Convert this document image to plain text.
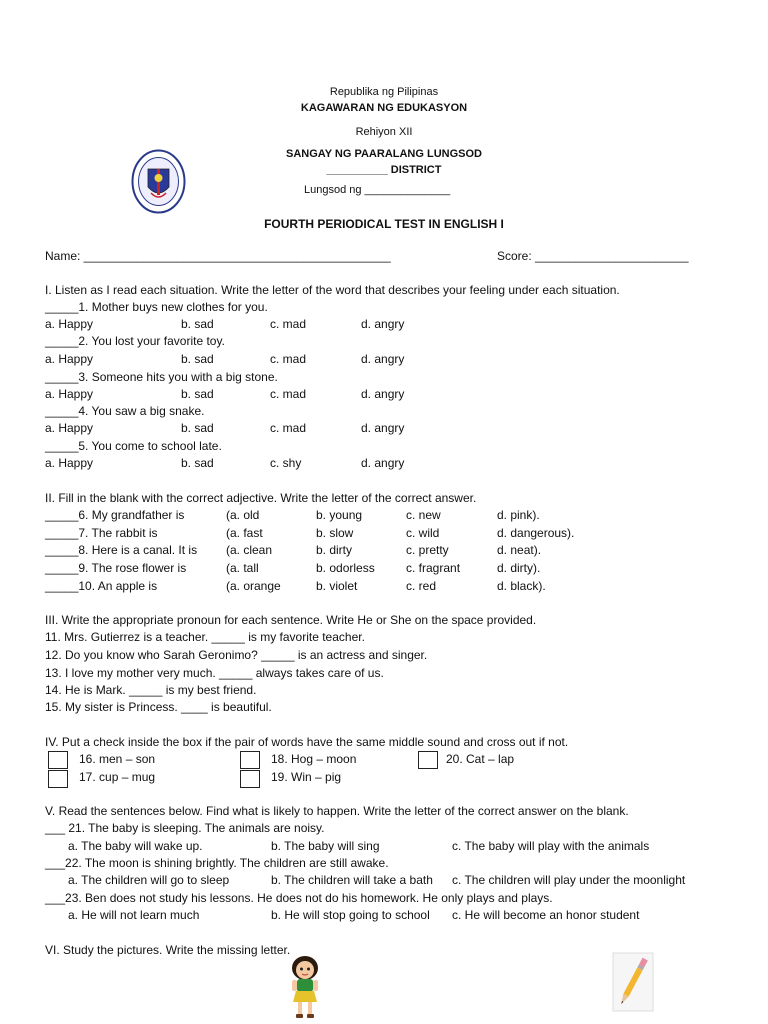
Republika ng Pilipinas
KAGAWARAN NG EDUKASYON
Rehiyon XII
SANGAY NG PAARALANG LUNGSOD
__________ DISTRICT
Lungsod ng ______________
FOURTH PERIODICAL TEST IN ENGLISH I
Name: ______________________________________________	Score: _______________________
I. Listen as I read each situation. Write the letter of the word that describes your feeling under each situation.
_____1. Mother buys new clothes for you.
a. Happy	b. sad	c. mad	d. angry
_____2. You lost your favorite toy.
a. Happy	b. sad	c. mad	d. angry
_____3. Someone hits you with a big stone.
a. Happy	b. sad	c. mad	d. angry
_____4. You saw a big snake.
a. Happy	b. sad	c. mad	d. angry
_____5. You come to school late.
a. Happy	b. sad	c. shy	d. angry
II. Fill in the blank with the correct adjective. Write the letter of the correct answer.
_____6. My grandfather is	(a. old	b. young	c. new	d. pink).
_____7. The rabbit is	(a. fast	b. slow	c. wild	d. dangerous).
_____8. Here is a canal. It is (a. clean	b. dirty	c. pretty	d. neat).
_____9. The rose flower is	(a. tall	b. odorless	c. fragrant	d. dirty).
_____10. An apple is	(a. orange	b. violet	c. red	d. black).
III. Write the appropriate pronoun for each sentence. Write He or She on the space provided.
11. Mrs. Gutierrez is a teacher. _____ is my favorite teacher.
12. Do you know who Sarah Geronimo? _____ is an actress and singer.
13. I love my mother very much. _____ always takes care of us.
14. He is Mark. _____ is my best friend.
15. My sister is Princess. ____ is beautiful.
IV. Put a check inside the box if the pair of words have the same middle sound and cross out if not.
16. men – son
17. cup – mug
18. Hog – moon
19. Win – pig
20. Cat – lap
V. Read the sentences below. Find what is likely to happen. Write the letter of the correct answer on the blank.
___ 21. The baby is sleeping. The animals are noisy.
a. The baby will wake up.	b. The baby will sing	c. The baby will play with the animals
___22. The moon is shining brightly. The children are still awake.
a. The children will go to sleep	b. The children will take a bath c. The children will play under the moonlight
___23. Ben does not study his lessons. He does not do his homework. He only plays and plays.
a. He will not learn much	b. He will stop going to school c. He will become an honor student
VI. Study the pictures. Write the missing letter.
